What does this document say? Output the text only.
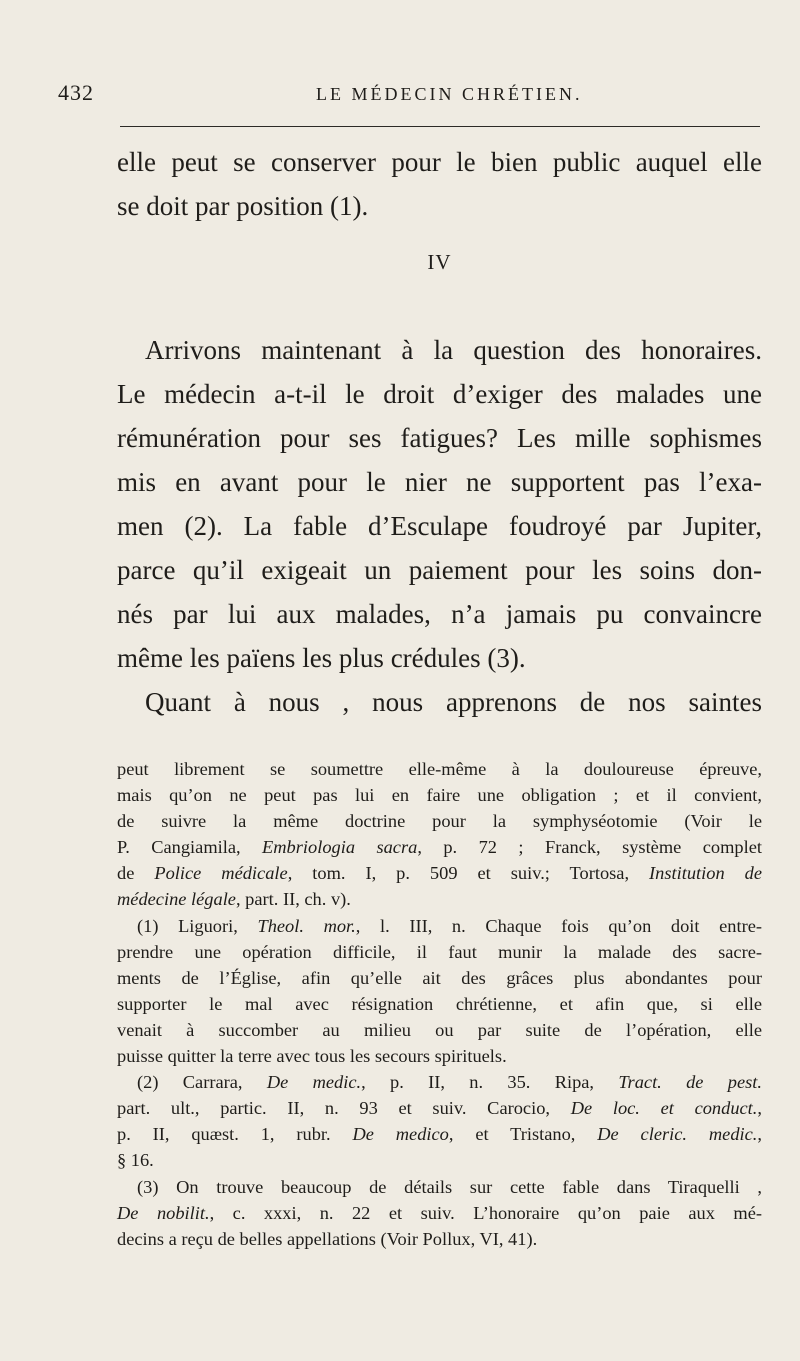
432	LE MÉDECIN CHRÉTIEN.

elle peut se conserver pour le bien public auquel elle

se doit par position (1).

IV

Arrivons maintenant à la question des honoraires.

Le médecin a-t-il le droit d’exiger des malades une

rémunération pour ses fatigues? Les mille sophismes

mis en avant pour le nier ne supportent pas l’exa-

men (2). La fable d’Esculape foudroyé par Jupiter,

parce qu’il exigeait un paiement pour les soins don-

nés par lui aux malades, n’a jamais pu convaincre

même les païens les plus crédules (3).

Quant à nous , nous apprenons de nos saintes

peut librement se soumettre elle-même à la douloureuse épreuve,
mais qu’on ne peut pas lui en faire une obligation ; et il convient,
de suivre la même doctrine pour la symphyséotomie (Voir le
P. Cangiamila, Embriologia sacra, p. 72 ; Franck, système complet
de Police médicale, tom. I, p. 509 et suiv.; Tortosa, Institution de
médecine légale, part. II, ch. v).

(1) Liguori, Theol. mor., l. III, n. Chaque fois qu’on doit entre-
prendre une opération difficile, il faut munir la malade des sacre-
ments de l’Église, afin qu’elle ait des grâces plus abondantes pour
supporter le mal avec résignation chrétienne, et afin que, si elle
venait à succomber au milieu ou par suite de l’opération, elle
puisse quitter la terre avec tous les secours spirituels.

(2) Carrara, De medic., p. II, n. 35. Ripa, Tract. de pest.
part. ult., partic. II, n. 93 et suiv. Carocio, De loc. et conduct.,
p. II, quæst. 1, rubr. De medico, et Tristano, De cleric. medic.,
§ 16.

(3) On trouve beaucoup de détails sur cette fable dans Tiraquelli ,
De nobilit., c. xxxi, n. 22 et suiv. L’honoraire qu’on paie aux mé-
decins a reçu de belles appellations (Voir Pollux, VI, 41).
